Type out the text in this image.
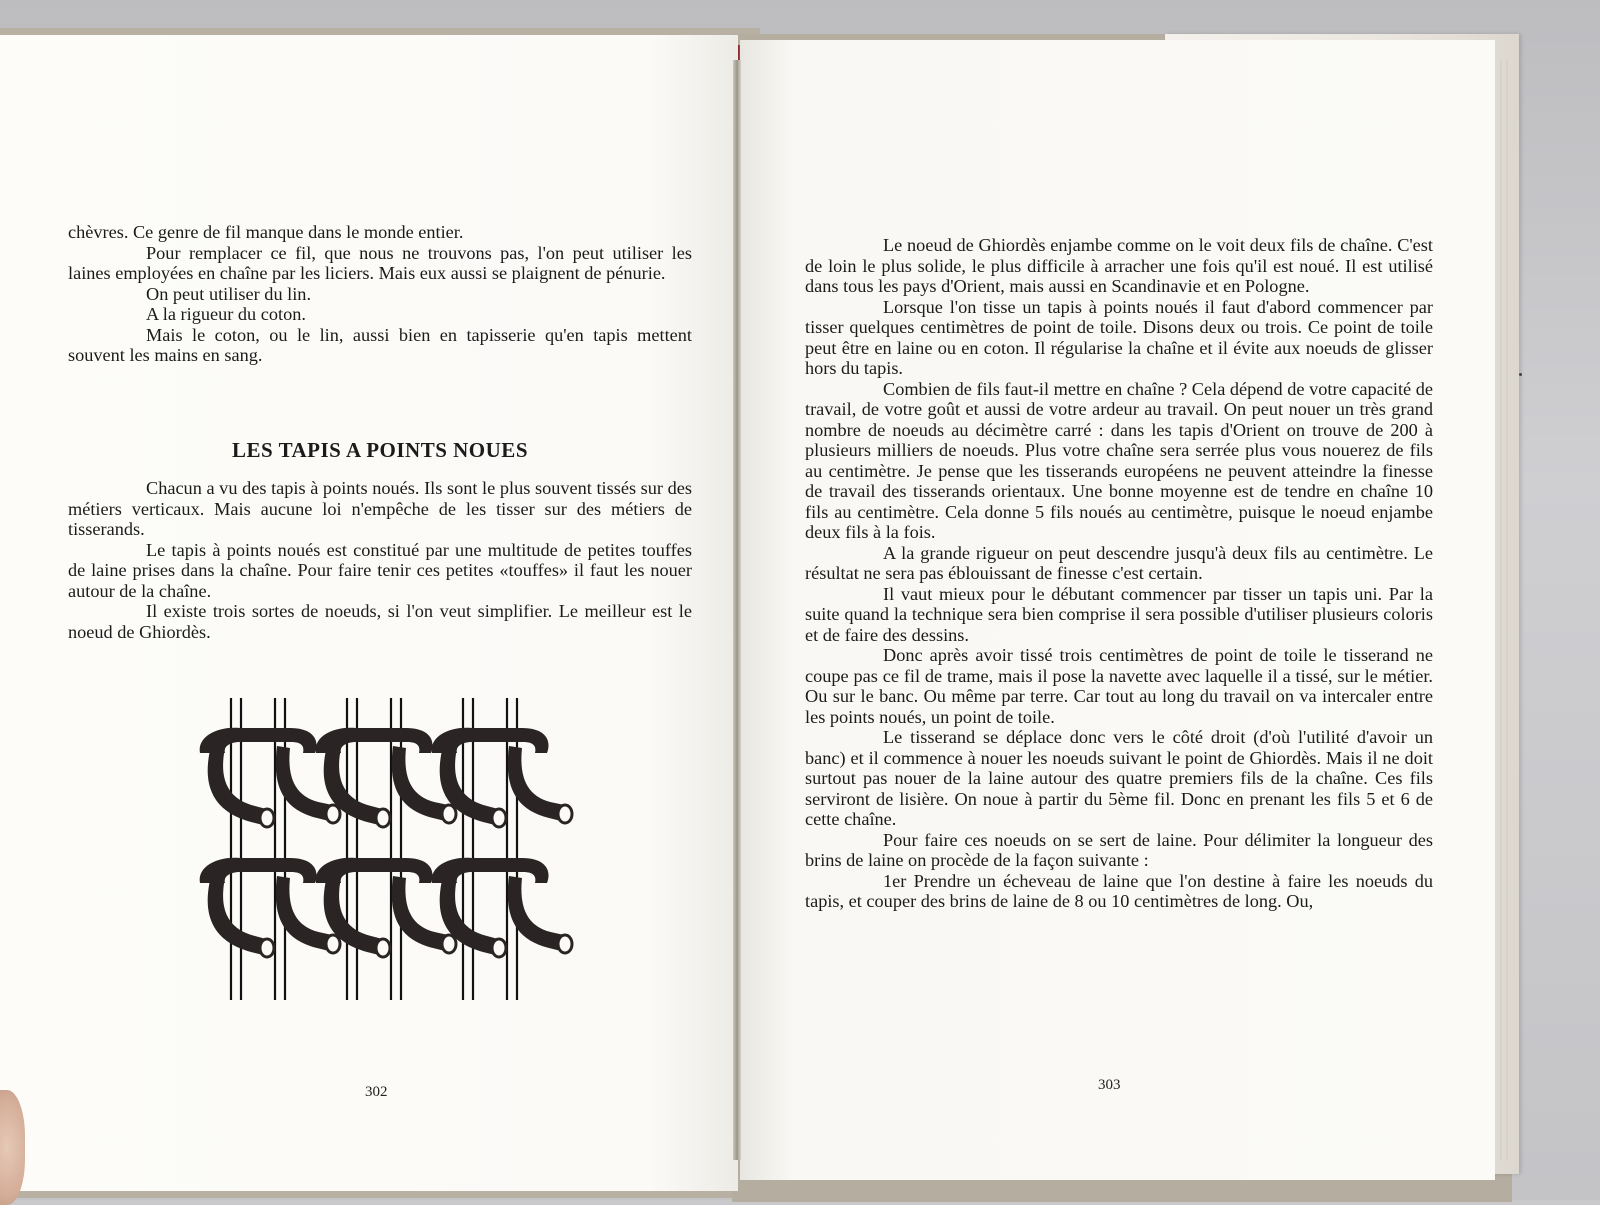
chèvres. Ce genre de fil manque dans le monde entier.

Pour remplacer ce fil, que nous ne trouvons pas, l'on peut utiliser les laines employées en chaîne par les liciers. Mais eux aussi se plaignent de pénurie.

On peut utiliser du lin.

A la rigueur du coton.

Mais le coton, ou le lin, aussi bien en tapisserie qu'en tapis mettent souvent les mains en sang.

LES TAPIS A POINTS NOUES

Chacun a vu des tapis à points noués. Ils sont le plus souvent tissés sur des métiers verticaux. Mais aucune loi n'empêche de les tisser sur des métiers de tisserands.

Le tapis à points noués est constitué par une multitude de petites touffes de laine prises dans la chaîne. Pour faire tenir ces petites «touffes» il faut les nouer autour de la chaîne.

Il existe trois sortes de noeuds, si l'on veut simplifier. Le meilleur est le noeud de Ghiordès.

302

Le noeud de Ghiordès enjambe comme on le voit deux fils de chaîne. C'est de loin le plus solide, le plus difficile à arracher une fois qu'il est noué. Il est utilisé dans tous les pays d'Orient, mais aussi en Scandinavie et en Pologne.

Lorsque l'on tisse un tapis à points noués il faut d'abord commencer par tisser quelques centimètres de point de toile. Disons deux ou trois. Ce point de toile peut être en laine ou en coton. Il régularise la chaîne et il évite aux noeuds de glisser hors du tapis.

Combien de fils faut-il mettre en chaîne ? Cela dépend de votre capacité de travail, de votre goût et aussi de votre ardeur au travail. On peut nouer un très grand nombre de noeuds au décimètre carré : dans les tapis d'Orient on trouve de 200 à plusieurs milliers de noeuds. Plus votre chaîne sera serrée plus vous nouerez de fils au centimètre. Je pense que les tisserands européens ne peuvent atteindre la finesse de travail des tisserands orientaux. Une bonne moyenne est de tendre en chaîne 10 fils au centimètre. Cela donne 5 fils noués au centimètre, puisque le noeud enjambe deux fils à la fois.

A la grande rigueur on peut descendre jusqu'à deux fils au centimètre. Le résultat ne sera pas éblouissant de finesse c'est certain.

Il vaut mieux pour le débutant commencer par tisser un tapis uni. Par la suite quand la technique sera bien comprise il sera possible d'utiliser plusieurs coloris et de faire des dessins.

Donc après avoir tissé trois centimètres de point de toile le tisserand ne coupe pas ce fil de trame, mais il pose la navette avec laquelle il a tissé, sur le métier. Ou sur le banc. Ou même par terre. Car tout au long du travail on va intercaler entre les points noués, un point de toile.

Le tisserand se déplace donc vers le côté droit (d'où l'utilité d'avoir un banc) et il commence à nouer les noeuds suivant le point de Ghiordès. Mais il ne doit surtout pas nouer de la laine autour des quatre premiers fils de la chaîne. Ces fils serviront de lisière. On noue à partir du 5ème fil. Donc en prenant les fils 5 et 6 de cette chaîne.

Pour faire ces noeuds on se sert de laine. Pour délimiter la longueur des brins de laine on procède de la façon suivante :

1er Prendre un écheveau de laine que l'on destine à faire les noeuds du tapis, et couper des brins de laine de 8 ou 10 centimètres de long. Ou,

303
